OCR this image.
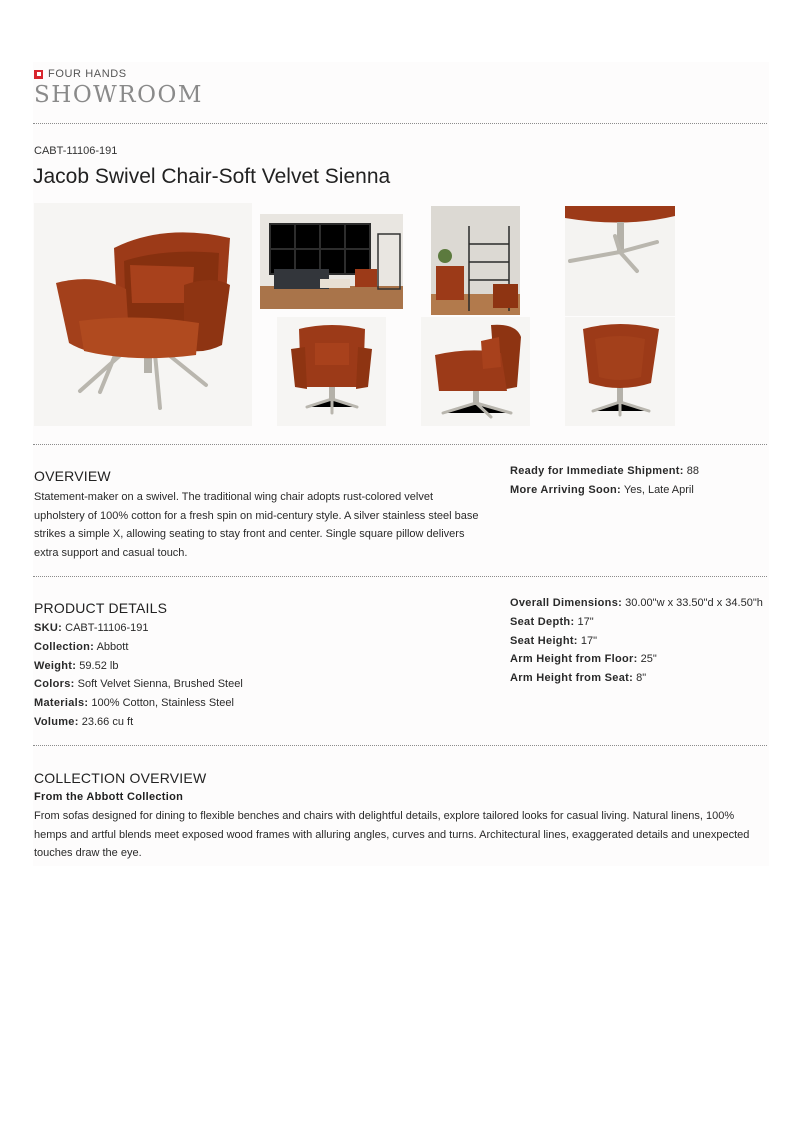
FOUR HANDS
SHOWROOM
CABT-11106-191
Jacob Swivel Chair-Soft Velvet Sienna
OVERVIEW
Statement-maker on a swivel. The traditional wing chair adopts rust-colored velvet upholstery of 100% cotton for a fresh spin on mid-century style. A silver stainless steel base strikes a simple X, allowing seating to stay front and center. Single square pillow delivers extra support and casual touch.
Ready for Immediate Shipment: 88
More Arriving Soon: Yes, Late April
PRODUCT DETAILS
SKU: CABT-11106-191
Collection: Abbott
Weight: 59.52 lb
Colors: Soft Velvet Sienna, Brushed Steel
Materials: 100% Cotton, Stainless Steel
Volume: 23.66 cu ft
Overall Dimensions: 30.00"w x 33.50"d x 34.50"h
Seat Depth: 17"
Seat Height: 17"
Arm Height from Floor: 25"
Arm Height from Seat: 8"
COLLECTION OVERVIEW
From the Abbott Collection
From sofas designed for dining to flexible benches and chairs with delightful details, explore tailored looks for casual living. Natural linens, 100% hemps and artful blends meet exposed wood frames with alluring angles, curves and turns. Architectural lines, exaggerated details and unexpected touches draw the eye.
